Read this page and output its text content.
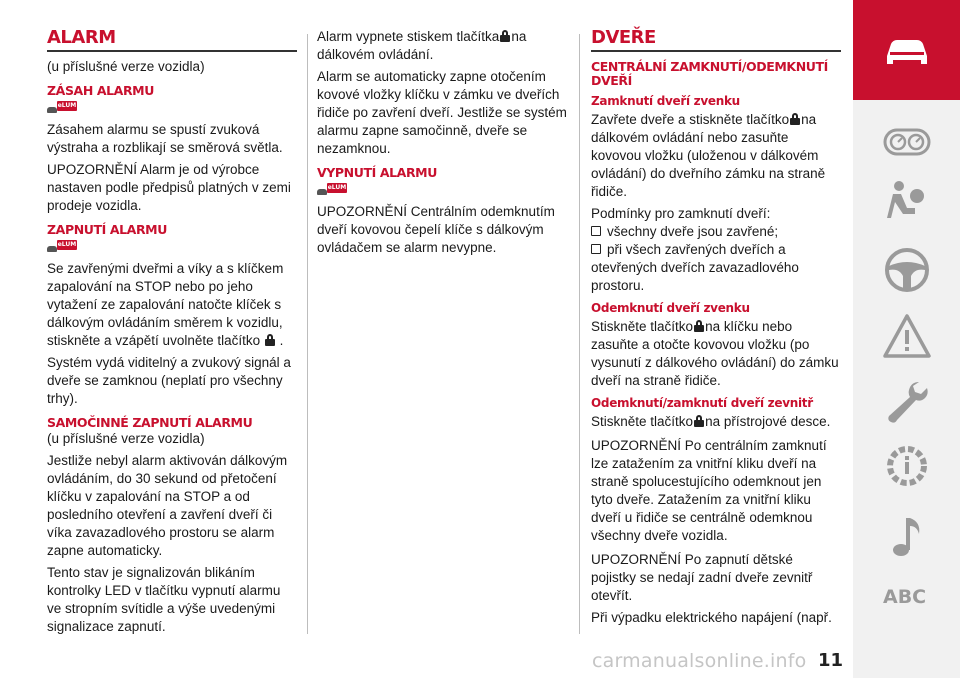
ALARM
(u příslušné verze vozidla)
ZÁSAH ALARMU
eLUM
Zásahem alarmu se spustí zvuková výstraha a rozblikají se směrová světla.
UPOZORNĚNÍ Alarm je od výrobce nastaven podle předpisů platných v zemi prodeje vozidla.
ZAPNUTÍ ALARMU
eLUM
Se zavřenými dveřmi a víky a s klíčkem zapalování na STOP nebo po jeho vytažení ze zapalování natočte klíček s dálkovým ovládáním směrem k vozidlu, stiskněte a vzápětí uvolněte tlačítko .
Systém vydá viditelný a zvukový signál a dveře se zamknou (neplatí pro všechny trhy).
SAMOČINNÉ ZAPNUTÍ ALARMU
(u příslušné verze vozidla)
Jestliže nebyl alarm aktivován dálkovým ovládáním, do 30 sekund od přetočení klíčku v zapalování na STOP a od posledního otevření a zavření dveří či víka zavazadlového prostoru se alarm zapne automaticky.
Tento stav je signalizován blikáním kontrolky LED v tlačítku vypnutí alarmu ve stropním svítidle a výše uvedenými signalizace zapnutí.
Alarm vypnete stiskem tlačítka na dálkovém ovládání.
Alarm se automaticky zapne otočením kovové vložky klíčku v zámku ve dveřích řidiče po zavření dveří. Jestliže se systém alarmu zapne samočinně, dveře se nezamknou.
VYPNUTÍ ALARMU
eLUM
UPOZORNĚNÍ Centrálním odemknutím dveří kovovou čepelí klíče s dálkovým ovládačem se alarm nevypne.
DVEŘE
CENTRÁLNÍ ZAMKNUTÍ/ODEMKNUTÍ DVEŘÍ
Zamknutí dveří zvenku
Zavřete dveře a stiskněte tlačítko na dálkovém ovládání nebo zasuňte kovovou vložku (uloženou v dálkovém ovládání) do dveřního zámku na straně řidiče.
Podmínky pro zamknutí dveří:
všechny dveře jsou zavřené;
při všech zavřených dveřích a otevřených dveřích zavazadlového prostoru.
Odemknutí dveří zvenku
Stiskněte tlačítko na klíčku nebo zasuňte a otočte kovovou vložku (po vysunutí z dálkového ovládání) do zámku dveří na straně řidiče.
Odemknutí/zamknutí dveří zevnitř
Stiskněte tlačítko na přístrojové desce.
UPOZORNĚNÍ Po centrálním zamknutí lze zatažením za vnitřní kliku dveří na straně spolucestujícího odemknout jen tyto dveře. Zatažením za vnitřní kliku dveří u řidiče se centrálně odemknou všechny dveře vozidla.
UPOZORNĚNÍ Po zapnutí dětské pojistky se nedají zadní dveře zevnitř otevřít.
Při výpadku elektrického napájení (např.
ABC
carmanualsonline.info 11
